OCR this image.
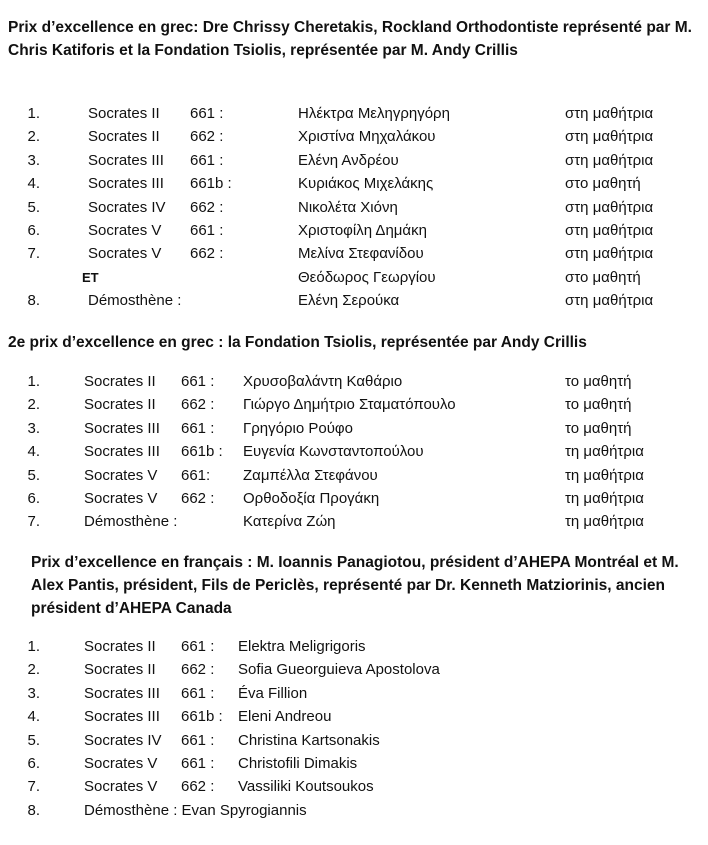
Prix d’excellence en grec: Dre Chrissy Cheretakis, Rockland Orthodontiste représenté par M. Chris Katiforis et la Fondation Tsiolis, représentée par M. Andy Crillis
1.	Socrates II 661 :	Ηλέκτρα Μεληγρηγόρη	στη μαθήτρια
2.	Socrates II 662 :	Χριστίνα Μηχαλάκου	στη μαθήτρια
3.	Socrates III 661 :	Ελένη Ανδρέου	στη μαθήτρια
4.	Socrates III 661b :	Κυριάκος Μιχελάκης	στο μαθητή
5.	Socrates IV 662 :	Νικολέτα Χιόνη	στη μαθήτρια
6.	Socrates V 661 :	Χριστοφίλη Δημάκη	στη μαθήτρια
7.	Socrates V 662 :	Μελίνα Στεφανίδου	στη μαθήτρια
ET	Θεόδωρος Γεωργίου	στο μαθητή
8.	Démosthène :	Ελένη Σερούκα	στη μαθήτρια
2e prix d’excellence en grec : la Fondation Tsiolis, représentée par Andy Crillis
1.	Socrates II 661 : Χρυσοβαλάντη Καθάριο	το μαθητή
2.	Socrates II 662 : Γιώργο Δημήτριο Σταματόπουλο	το μαθητή
3.	Socrates III 661 : Γρηγόριο Ρούφο	το μαθητή
4.	Socrates III 661b : Ευγενία Κωνσταντοπούλου	τη μαθήτρια
5.	Socrates V 661: Ζαμπέλλα Στεφάνου	τη μαθήτρια
6.	Socrates V 662 : Ορθοδοξία Προγάκη	τη μαθήτρια
7.	Démosthène :	Κατερίνα Ζώη	τη μαθήτρια
Prix d’excellence en français : M. Ioannis Panagiotou, président d’AHEPA Montréal et M. Alex Pantis, président, Fils de Periclès, représenté par Dr. Kenneth Matziorinis, ancien président d’AHEPA Canada
1.	Socrates II 661 : Elektra Meligrigoris
2.	Socrates II 662 : Sofia Gueorguieva Apostolova
3.	Socrates III 661 : Éva Fillion
4.	Socrates III 661b : Eleni Andreou
5.	Socrates IV 661 : Christina Kartsonakis
6.	Socrates V 661 : Christofili Dimakis
7.	Socrates V 662 : Vassiliki Koutsoukos
8.	Démosthène : Evan Spyrogiannis
